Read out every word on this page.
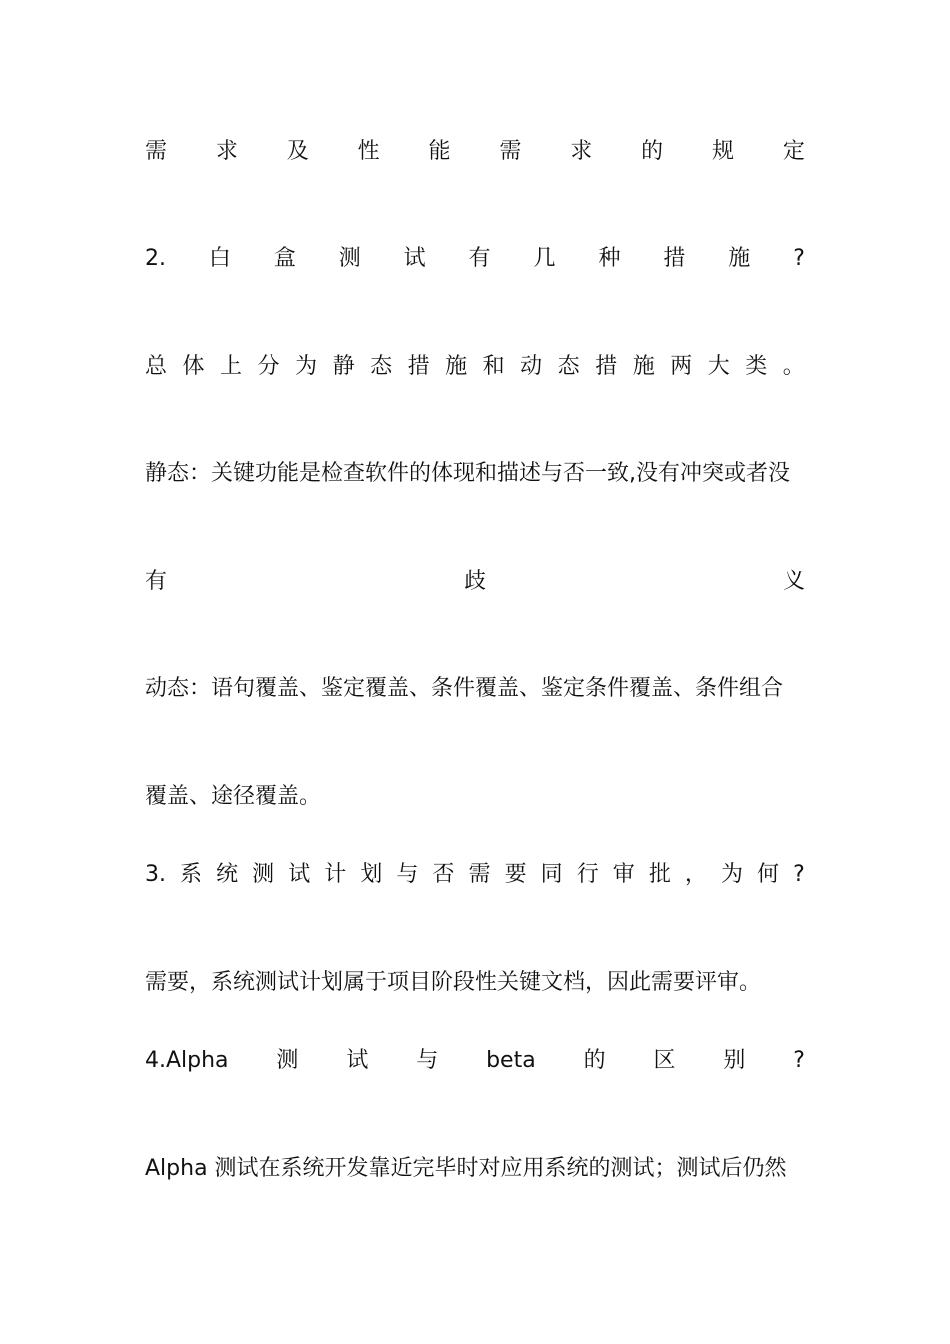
需 求 及 性 能 需 求 的 规 定
2. 白 盒 测 试 有 几 种 措 施 ?
总 体 上 分 为 静 态 措 施 和 动 态 措 施 两 大 类 。
静态：关键功能是检查软件的体现和描述与否一致,没有冲突或者没
有	歧	义
动态：语句覆盖、鉴定覆盖、条件覆盖、鉴定条件覆盖、条件组合
覆盖、途径覆盖。
3. 系 统 测 试 计 划 与 否 需 要 同 行 审 批 ， 为 何 ?
需要，系统测试计划属于项目阶段性关键文档，因此需要评审。
4.Alpha 测 试 与 beta 的 区 别 ?
Alpha 测试在系统开发靠近完毕时对应用系统的测试；测试后仍然
